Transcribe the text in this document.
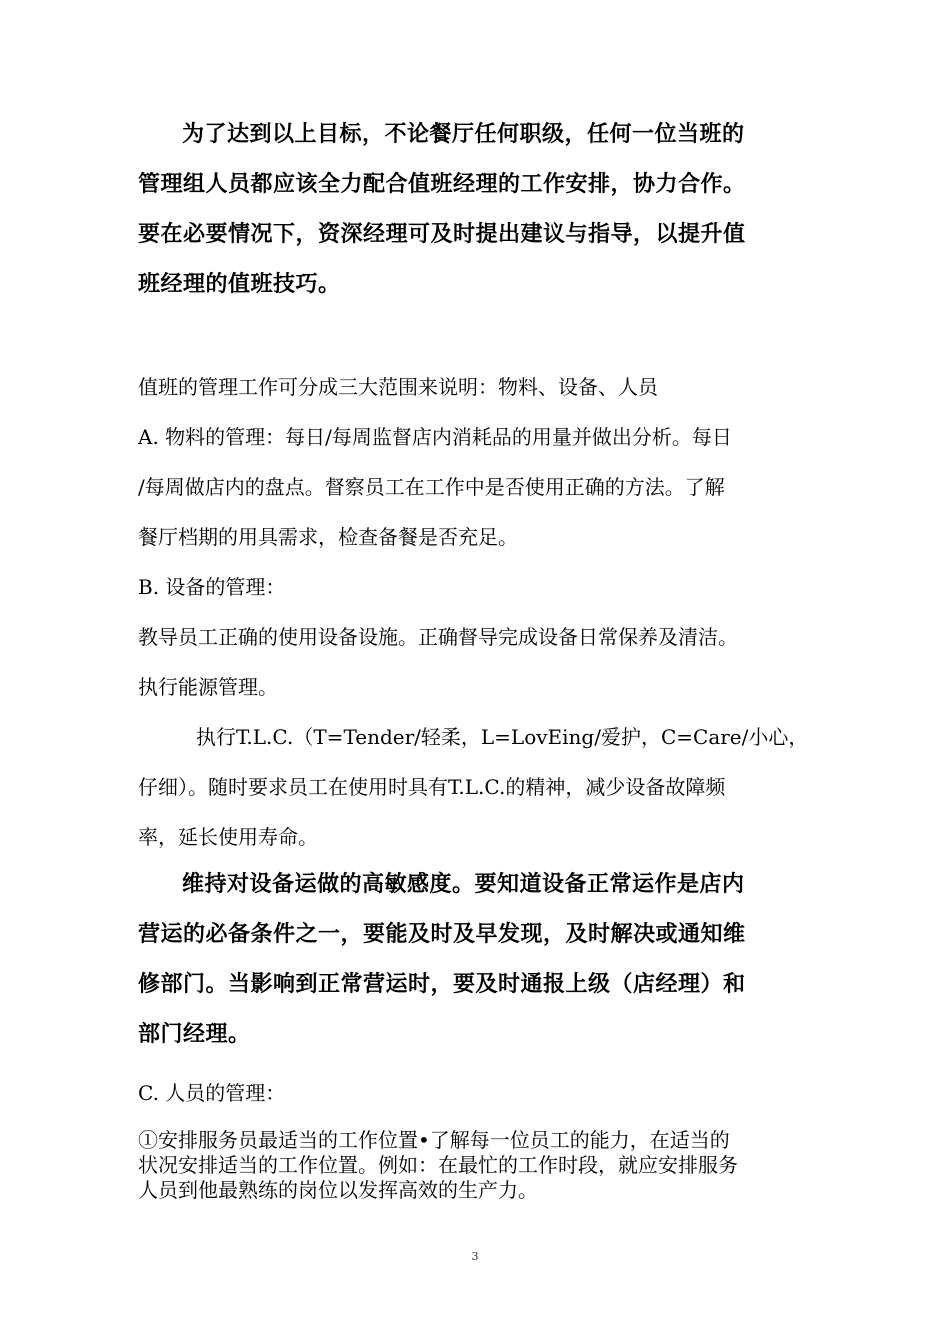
为了达到以上目标，不论餐厅任何职级，任何一位当班的
管理组人员都应该全力配合值班经理的工作安排，协力合作。
要在必要情况下，资深经理可及时提出建议与指导，以提升值
班经理的值班技巧。

值班的管理工作可分成三大范围来说明：物料、设备、人员

A. 物料的管理：每日/每周监督店内消耗品的用量并做出分析。每日
/每周做店内的盘点。督察员工在工作中是否使用正确的方法。了解
餐厅档期的用具需求，检查备餐是否充足。

B. 设备的管理：

教导员工正确的使用设备设施。正确督导完成设备日常保养及清洁。
执行能源管理。

执行T.L.C.（T=Tender/轻柔，L=LovEing/爱护，C=Care/小心，
仔细）。随时要求员工在使用时具有T.L.C.的精神，减少设备故障频
率，延长使用寿命。

维持对设备运做的高敏感度。要知道设备正常运作是店内
营运的必备条件之一，要能及时及早发现，及时解决或通知维
修部门。当影响到正常营运时，要及时通报上级（店经理）和
部门经理。

C. 人员的管理：

①安排服务员最适当的工作位置•了解每一位员工的能力，在适当的
状况安排适当的工作位置。例如：在最忙的工作时段，就应安排服务
人员到他最熟练的岗位以发挥高效的生产力。

3
